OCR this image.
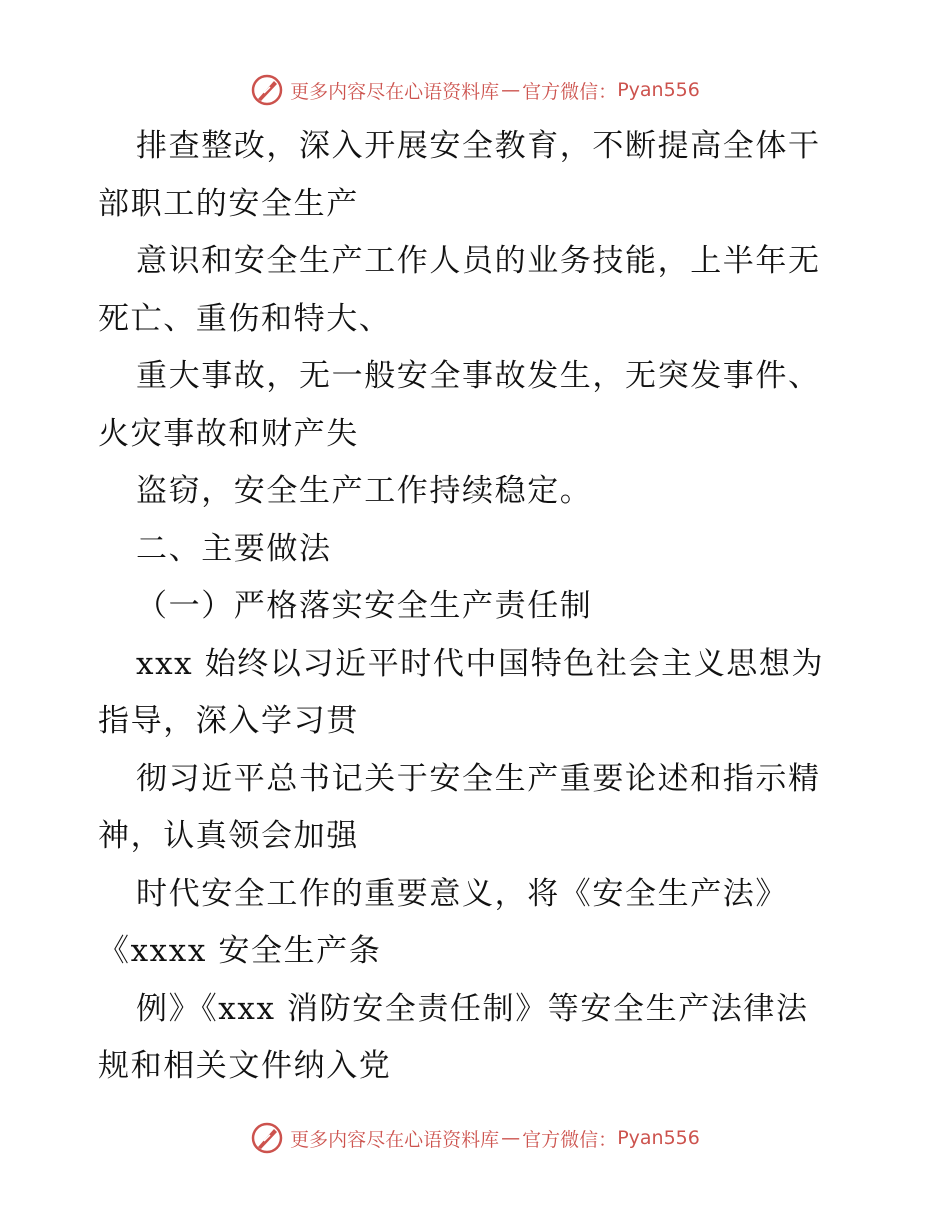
更多内容尽在心语资料库 — 官方微信： Pyan556
排查整改，深入开展安全教育，不断提高全体干
部职工的安全生产
意识和安全生产工作人员的业务技能，上半年无
死亡、重伤和特大、
重大事故，无一般安全事故发生，无突发事件、
火灾事故和财产失
盗窃，安全生产工作持续稳定。
二、主要做法
（一）严格落实安全生产责任制
xxx 始终以习近平时代中国特色社会主义思想为
指导，深入学习贯
彻习近平总书记关于安全生产重要论述和指示精
神，认真领会加强
时代安全工作的重要意义，将《安全生产法》
《xxxx 安全生产条
例》《xxx 消防安全责任制》等安全生产法律法
规和相关文件纳入党
更多内容尽在心语资料库 — 官方微信： Pyan556
